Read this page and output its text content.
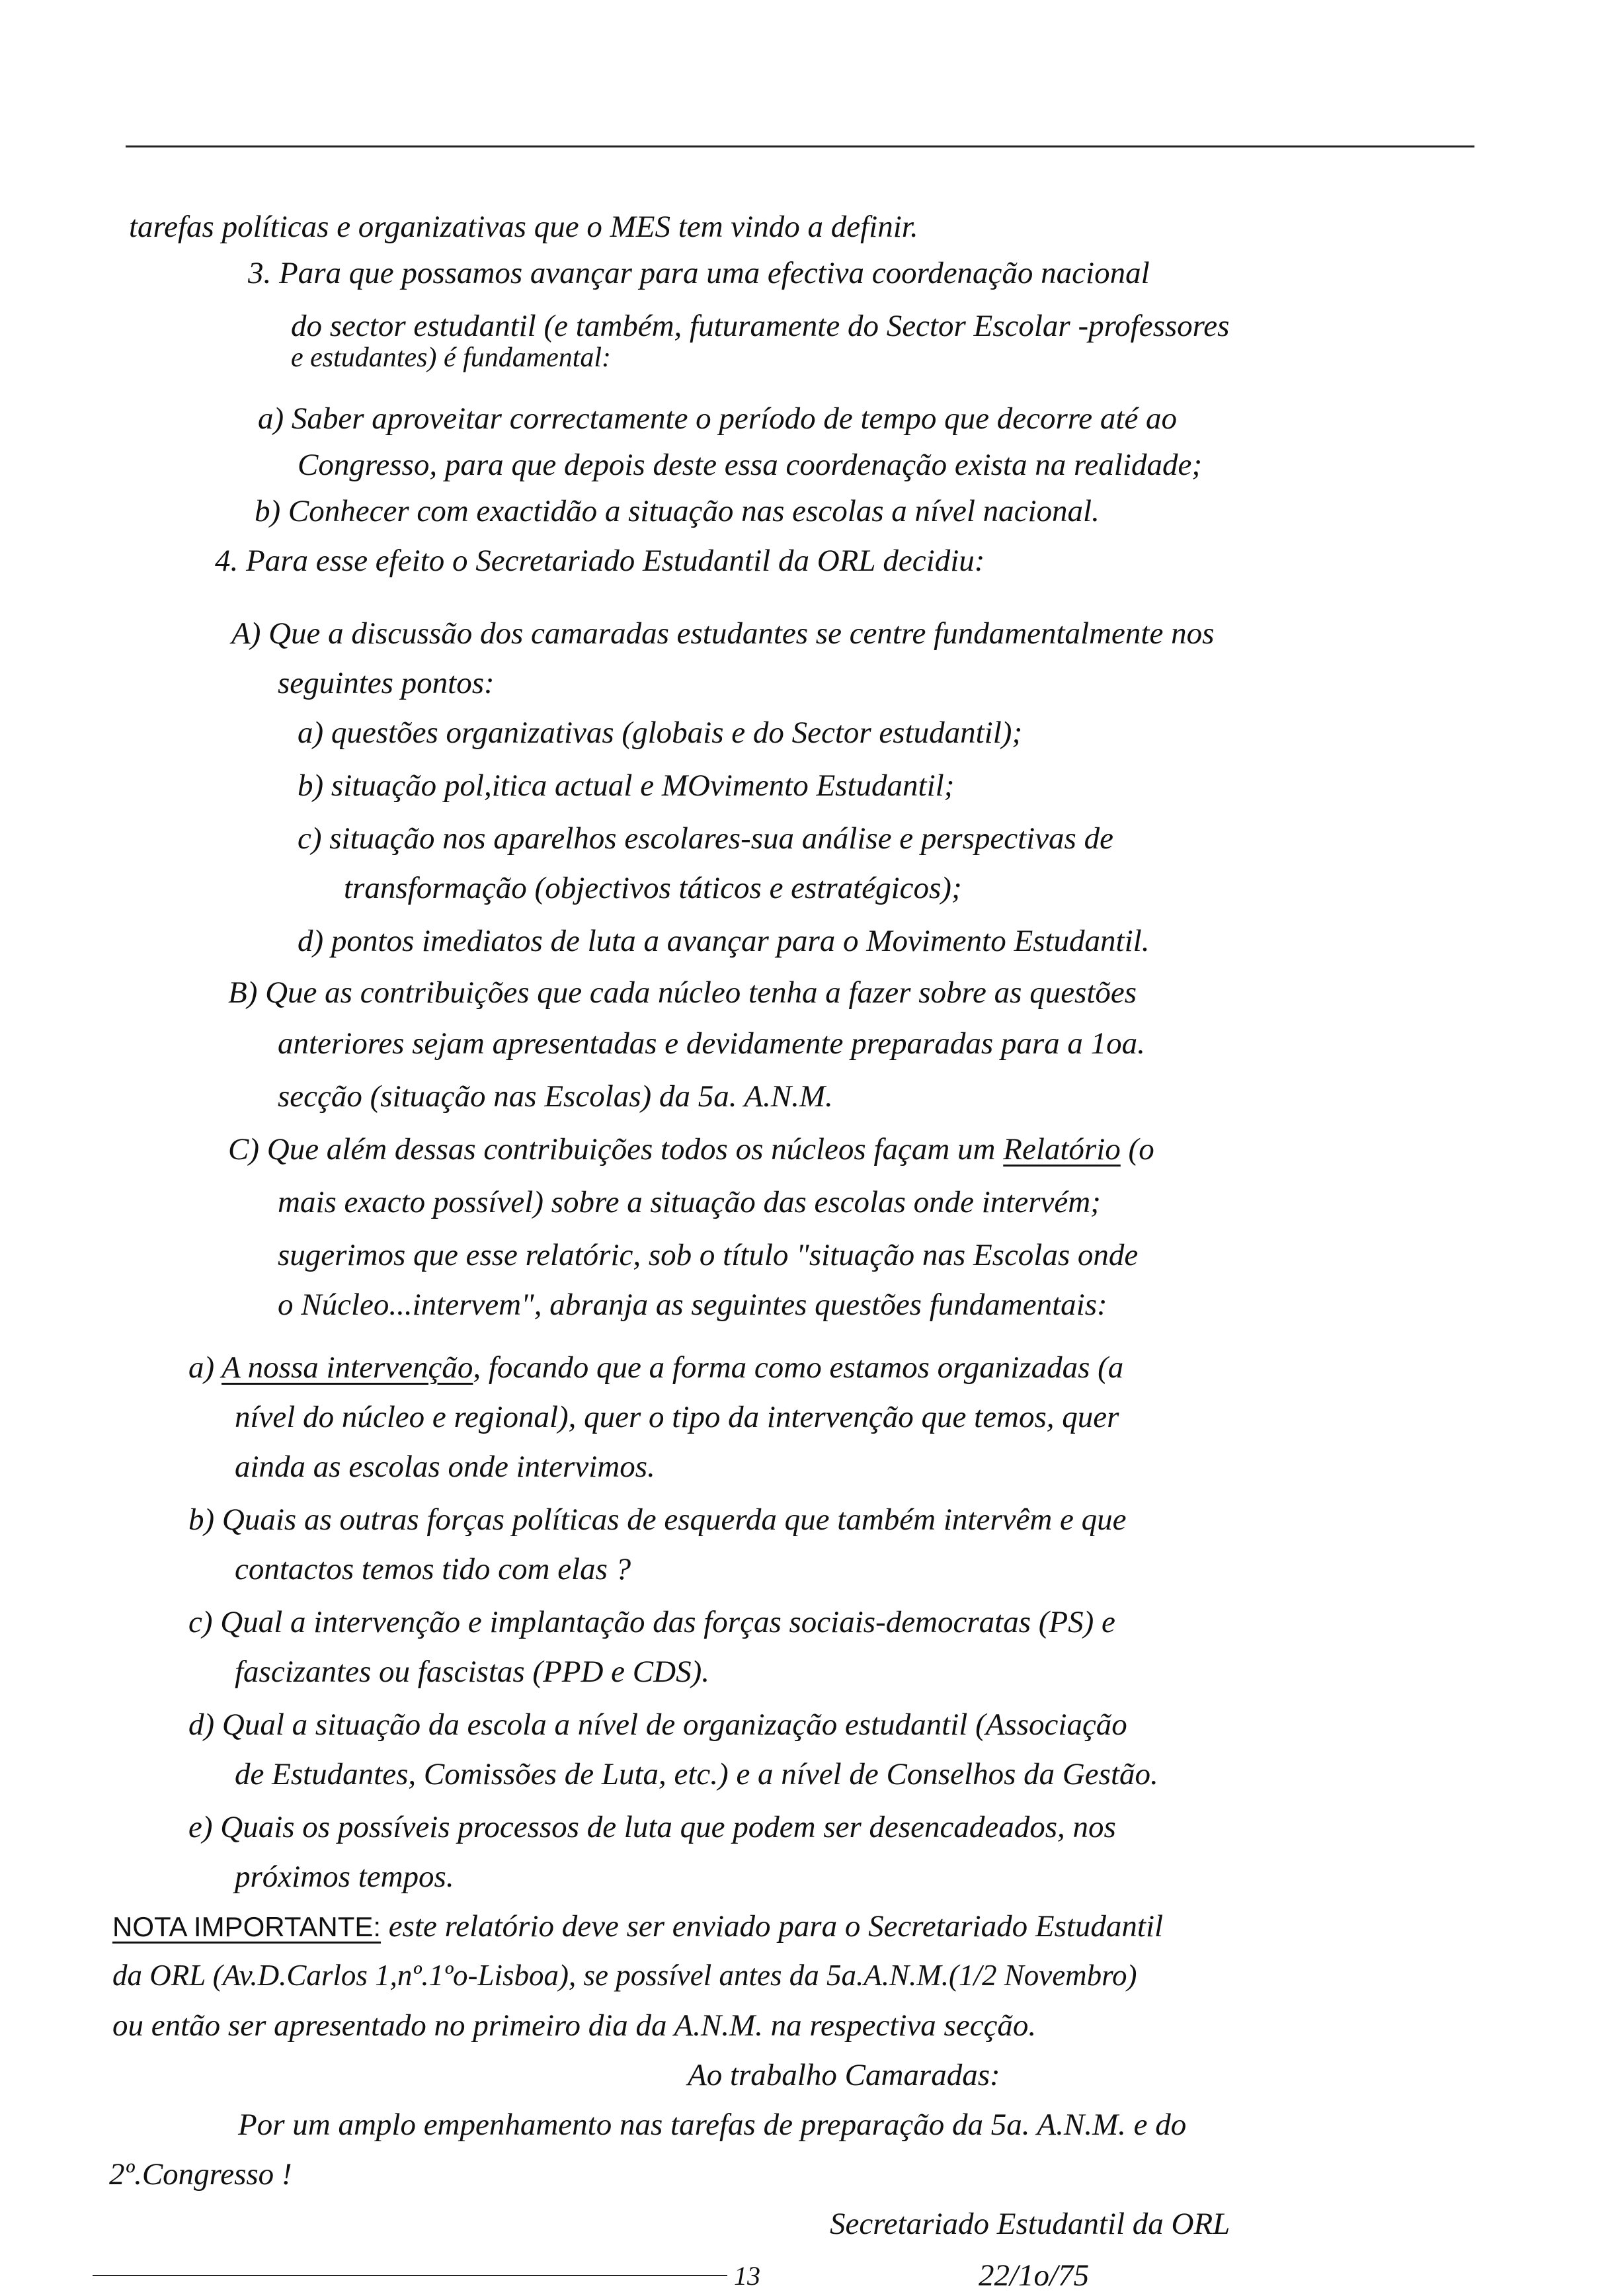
tarefas políticas e organizativas que o MES tem vindo a definir.
3. Para que possamos avançar para uma efectiva coordenação nacional
do sector estudantil (e também, futuramente do Sector Escolar -professores
e estudantes) é fundamental:
a) Saber aproveitar correctamente o período de tempo que decorre até ao
Congresso, para que depois deste essa coordenação exista na realidade;
b) Conhecer com exactidão a situação nas escolas a nível nacional.
4. Para esse efeito o Secretariado Estudantil da ORL decidiu:
A) Que a discussão dos camaradas estudantes se centre fundamentalmente nos
seguintes pontos:
a) questões organizativas (globais e do Sector estudantil);
b) situação pol,itica actual e MOvimento Estudantil;
c) situação nos aparelhos escolares-sua análise e perspectivas de
transformação (objectivos táticos e estratégicos);
d) pontos imediatos de luta a avançar para o Movimento Estudantil.
B) Que as contribuições que cada núcleo tenha a fazer sobre as questões
anteriores sejam apresentadas e devidamente preparadas para a 1oa.
secção (situação nas Escolas) da 5a. A.N.M.
C) Que além dessas contribuições todos os núcleos façam um Relatório (o
mais exacto possível) sobre a situação das escolas onde intervém;
sugerimos que esse relatóric, sob o título "situação nas Escolas onde
o Núcleo...intervem", abranja as seguintes questões fundamentais:
a) A nossa intervenção, focando que a forma como estamos organizadas (a
nível do núcleo e regional), quer o tipo da intervenção que temos, quer
ainda as escolas onde intervimos.
b) Quais as outras forças políticas de esquerda que também intervêm e que
contactos temos tido com elas ?
c) Qual a intervenção e implantação das forças sociais-democratas (PS) e
fascizantes ou fascistas (PPD e CDS).
d) Qual a situação da escola a nível de organização estudantil (Associação
de Estudantes, Comissões de Luta, etc.) e a nível de Conselhos da Gestão.
e) Quais os possíveis processos de luta que podem ser desencadeados, nos
próximos tempos.
NOTA IMPORTANTE: este relatório deve ser enviado para o Secretariado Estudantil
da ORL (Av.D.Carlos 1,nº.1ºo-Lisboa), se possível antes da 5a.A.N.M.(1/2 Novembro)
ou então ser apresentado no primeiro dia da A.N.M. na respectiva secção.
Ao trabalho Camaradas:
Por um amplo empenhamento nas tarefas de preparação da 5a. A.N.M. e do
2º.Congresso !
Secretariado Estudantil da ORL
13	22/1o/75
